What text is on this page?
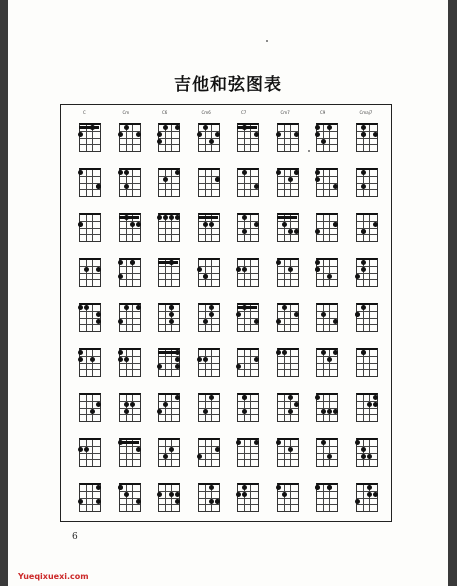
吉他和弦图表
C	Cm	C6	Cm6	C7	Cm7	C9	Cmaj7
6
Yueqixuexi.com
